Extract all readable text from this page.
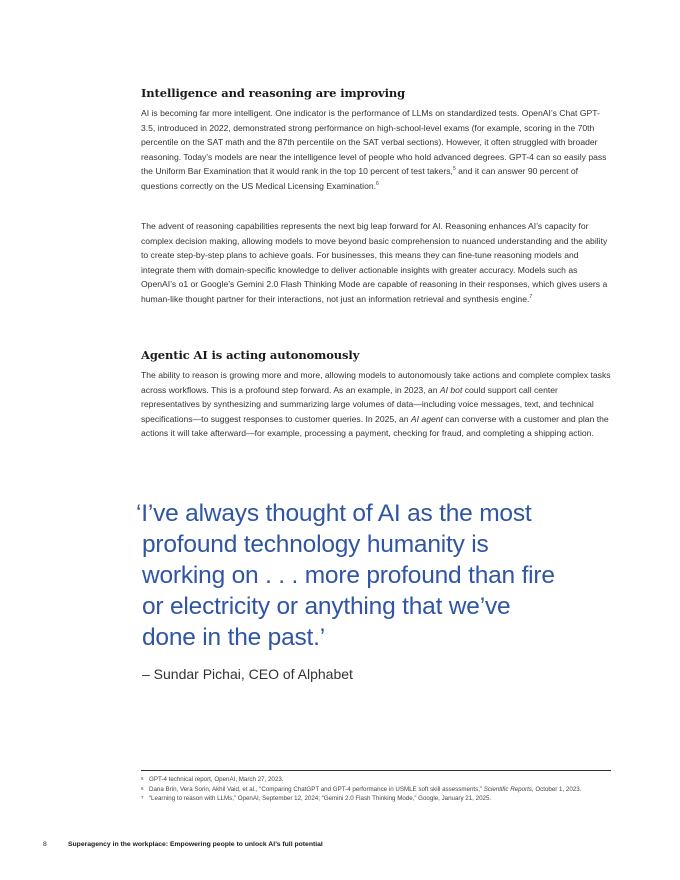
Intelligence and reasoning are improving

AI is becoming far more intelligent. One indicator is the performance of LLMs on standardized tests. OpenAI’s Chat GPT-3.5, introduced in 2022, demonstrated strong performance on high-school-level exams (for example, scoring in the 70th percentile on the SAT math and the 87th percentile on the SAT verbal sections). However, it often struggled with broader reasoning. Today’s models are near the intelligence level of people who hold advanced degrees. GPT-4 can so easily pass the Uniform Bar Examination that it would rank in the top 10 percent of test takers,$^5$ and it can answer 90 percent of questions correctly on the US Medical Licensing Examination.$^6$

The advent of reasoning capabilities represents the next big leap forward for AI. Reasoning enhances AI’s capacity for complex decision making, allowing models to move beyond basic comprehension to nuanced understanding and the ability to create step-by-step plans to achieve goals. For businesses, this means they can fine-tune reasoning models and integrate them with domain-specific knowledge to deliver actionable insights with greater accuracy. Models such as OpenAI’s o1 or Google’s Gemini 2.0 Flash Thinking Mode are capable of reasoning in their responses, which gives users a human-like thought partner for their interactions, not just an information retrieval and synthesis engine.$^7$

Agentic AI is acting autonomously

The ability to reason is growing more and more, allowing models to autonomously take actions and complete complex tasks across workflows. This is a profound step forward. As an example, in 2023, an AI bot could support call center representatives by synthesizing and summarizing large volumes of data—including voice messages, text, and technical specifications—to suggest responses to customer queries. In 2025, an AI agent can converse with a customer and plan the actions it will take afterward—for example, processing a payment, checking for fraud, and completing a shipping action.

‘I’ve always thought of AI as the most
profound technology humanity is
working on . . . more profound than fire
or electricity or anything that we’ve
done in the past.’

– Sundar Pichai, CEO of Alphabet
5 GPT-4 technical report, OpenAI, March 27, 2023.
6 Dana Brin, Vera Sorin, Akhil Vaid, et al., “Comparing ChatGPT and GPT-4 performance in USMLE soft skill assessments,” Scientific Reports, October 1, 2023.
7 “Learning to reason with LLMs,” OpenAI, September 12, 2024; “Gemini 2.0 Flash Thinking Mode,” Google, January 21, 2025.
8	Superagency in the workplace: Empowering people to unlock AI’s full potential
